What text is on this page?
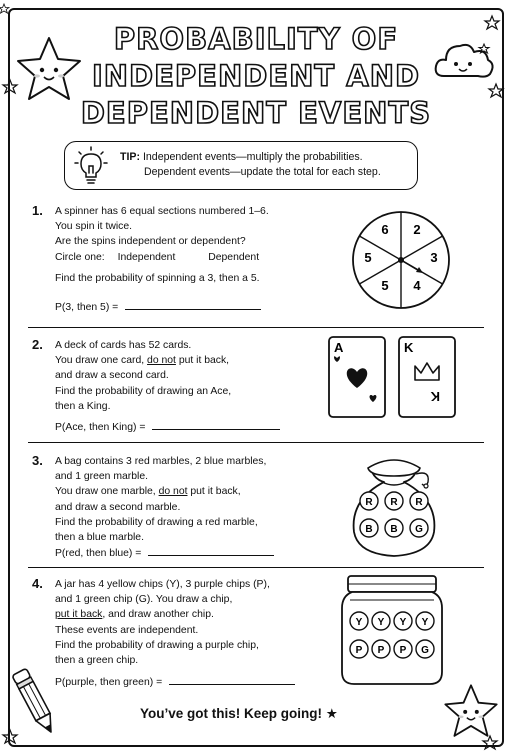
PROBABILITY OF
INDEPENDENT AND
DEPENDENT EVENTS
TIP: Independent events—multiply the probabilities.
Dependent events—update the total for each step.
1. A spinner has 6 equal sections numbered 1–6.
You spin it twice.
Are the spins independent or dependent?
Circle one: Independent	Dependent
Find the probability of spinning a 3, then a 5.
P(3, then 5) =
2
3
4
5
5
6
2. A deck of cards has 52 cards.
You draw one card, do not put it back,
and draw a second card.
Find the probability of drawing an Ace,
then a King.
P(Ace, then King) =
A	K
K
3. A bag contains 3 red marbles, 2 blue marbles,
and 1 green marble.
You draw one marble, do not put it back,
and draw a second marble.
Find the probability of drawing a red marble,
then a blue marble.
P(red, then blue) =
R R R
B B G
4. A jar has 4 yellow chips (Y), 3 purple chips (P),
and 1 green chip (G). You draw a chip,
put it back, and draw another chip.
These events are independent.
Find the probability of drawing a purple chip,
then a green chip.
P(purple, then green) =
Y Y Y Y
P P P G
You’ve got this! Keep going! ★
